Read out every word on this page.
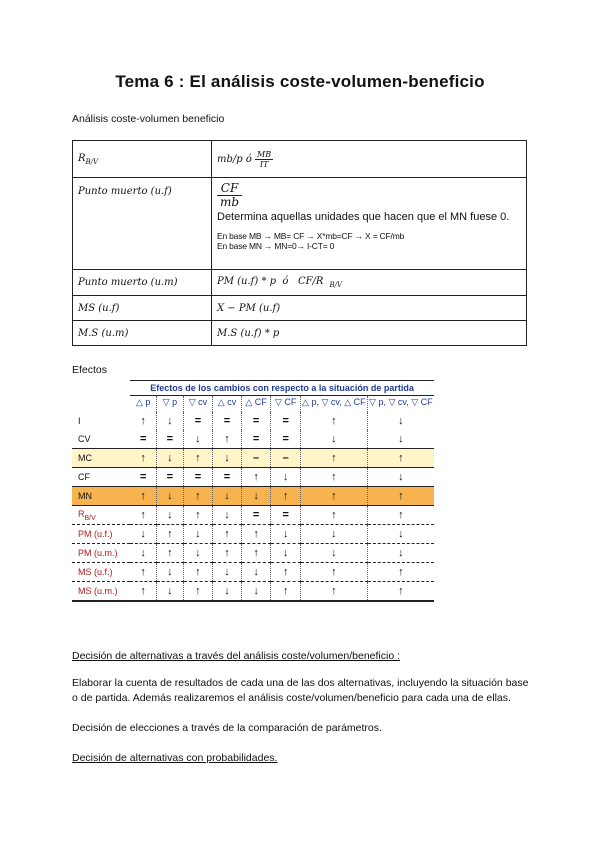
Tema 6 : El análisis coste-volumen-beneficio
Análisis coste-volumen beneficio
$R_{B/V}$	mb/p ó $\frac{MB}{IT}$

Punto muerto (u.f)	$\frac{CF}{mb}$
Determina aquellas unidades que hacen que el MN fuese 0.
En base MB → MB= CF → X*mb=CF → X = CF/mb
En base MN → MN=0→ I-CT= 0

Punto muerto (u.m)	PM (u.f) * p  ó   CF/R $_{B/V}$
MS (u.f)	X − PM (u.f)
M.S (u.m)	M.S (u.f) * p
Efectos
	Efectos de los cambios con respecto a la situación de partida							
	△ p	▽ p	▽ cv	△ cv	△ CF	▽ CF	△ p, ▽ cv, △ CF	▽ p, ▽ cv, ▽ CF
I	↑	↓	=	=	=	=	↑	↓
CV	=	=	↓	↑	=	=	↓	↓
MC	↑	↓	↑	↓	–	–	↑	↑
CF	=	=	=	=	↑	↓	↑	↓
MN	↑	↓	↑	↓	↓	↑	↑	↑
$R_{B/V}$	↑	↓	↑	↓	=	=	↑	↑
PM (u.f.)	↓	↑	↓	↑	↑	↓	↓	↓
PM (u.m.)	↓	↑	↓	↑	↑	↓	↓	↓
MS (u.f.)	↑	↓	↑	↓	↓	↑	↑	↑
MS (u.m.)	↑	↓	↑	↓	↓	↑	↑	↑
Decisión de alternativas a través del análisis coste/volumen/beneficio :
Elaborar la cuenta de resultados de cada una de las dos alternativas, incluyendo la situación base o de partida. Además realizaremos el análisis coste/volumen/beneficio para cada una de ellas.
Decisión de elecciones a través de la comparación de parámetros.
Decisión de alternativas con probabilidades.
